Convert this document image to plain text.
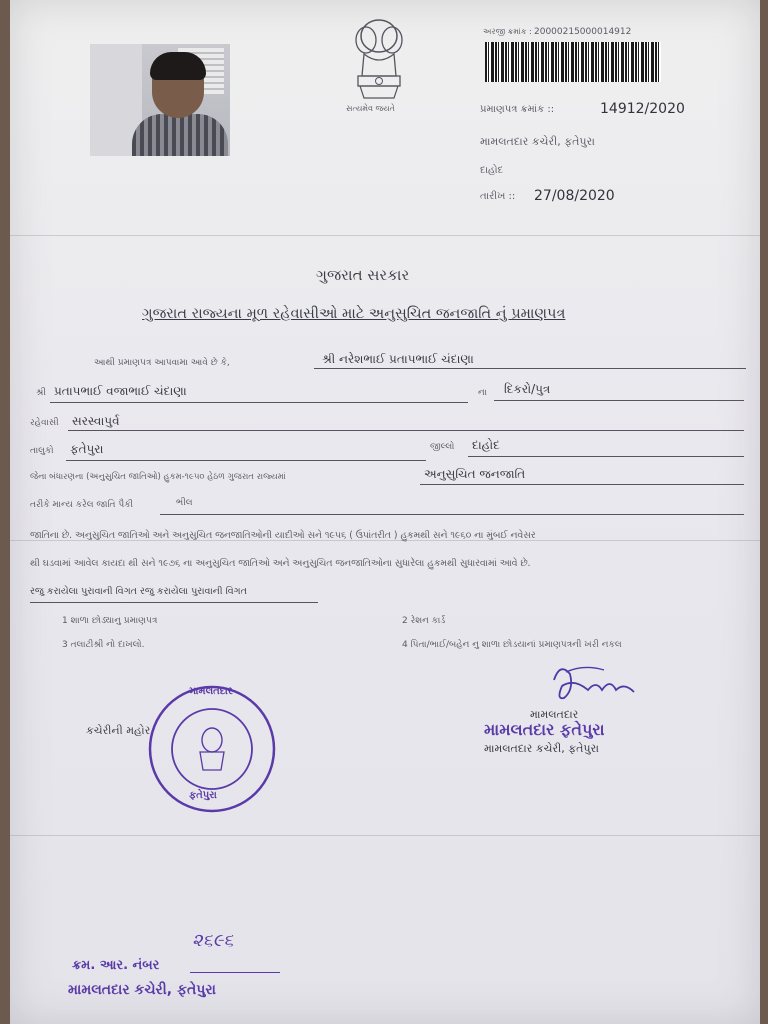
સત્યમેવ જયતે
અરજી ક્રમાંક : 20000215000014912
પ્રમાણપત્ર ક્રમાંક ::	14912/2020
મામલતદાર કચેરી, ફતેપુરા
દાહોદ
તારીખ :: 27/08/2020
ગુજરાત સરકાર
ગુજરાત રાજ્યના મૂળ રહેવાસીઓ માટે અનુસુચિત જનજાતિ નું પ્રમાણપત્ર
આથી પ્રમાણપત્ર આપવામા આવે છે કે,	શ્રી નરેશભાઈ પ્રતાપભાઈ ચંદાણા
શ્રી પ્રતાપભાઈ વજાભાઈ ચંદાણા	ના દિકરો/પુત્ર
રહેવાસી સરસ્વાપુર્વ
તાલુકો ફતેપુરા	જીલ્લો દાહોદ
જેના બંધારણના (અનુસુચિત જાતિઓ) હુકમ-૧૯૫૦ હેઠળ ગુજરાત રાજ્યમાં	અનુસુચિત જનજાતિ
તરીકે માન્ય કરેલ જાતિ પૈકી	ભીલ
જાતિના છે. અનુસુચિત જાતિઓ અને અનુસુચિત જનજાતિઓની યાદીઓ સને ૧૯૫૬ ( ઉપાંતરીત ) હુકમથી સને ૧૯૬૦ ના મુંબઈ નવેસર
થી ઘડવામાં આવેલ કાયદા થી સને ૧૯૭૬ ના અનુસુચિત જાતિઓ અને અનુસુચિત જનજાતિઓના સુધારેલા હુકમથી સુધારવામાં આવે છે.
રજુ કરાયેલા પુરાવાની વિગત રજુ કરાયેલા પુરાવાની વિગત
1 શાળા છોડ્યાનુ પ્રમાણપત્ર	2 રેશન કાર્ડ
3 તલાટીશ્રી નો દાખલો.	4 પિતા/ભાઈ/બહેન નુ શાળા છોડયાનાં પ્રમાણપત્રની ખરી નકલ
કચેરીની મહોર
મામલતદાર
ફતેપુરા
મામલતદાર
મામલતદાર ફતેપુરા
મામલતદાર કચેરી, ફતેપુરા
૨૬૯૬
ક્રમ. આર. નંબર
મામલતદાર કચેરી, ફતેપુરા
